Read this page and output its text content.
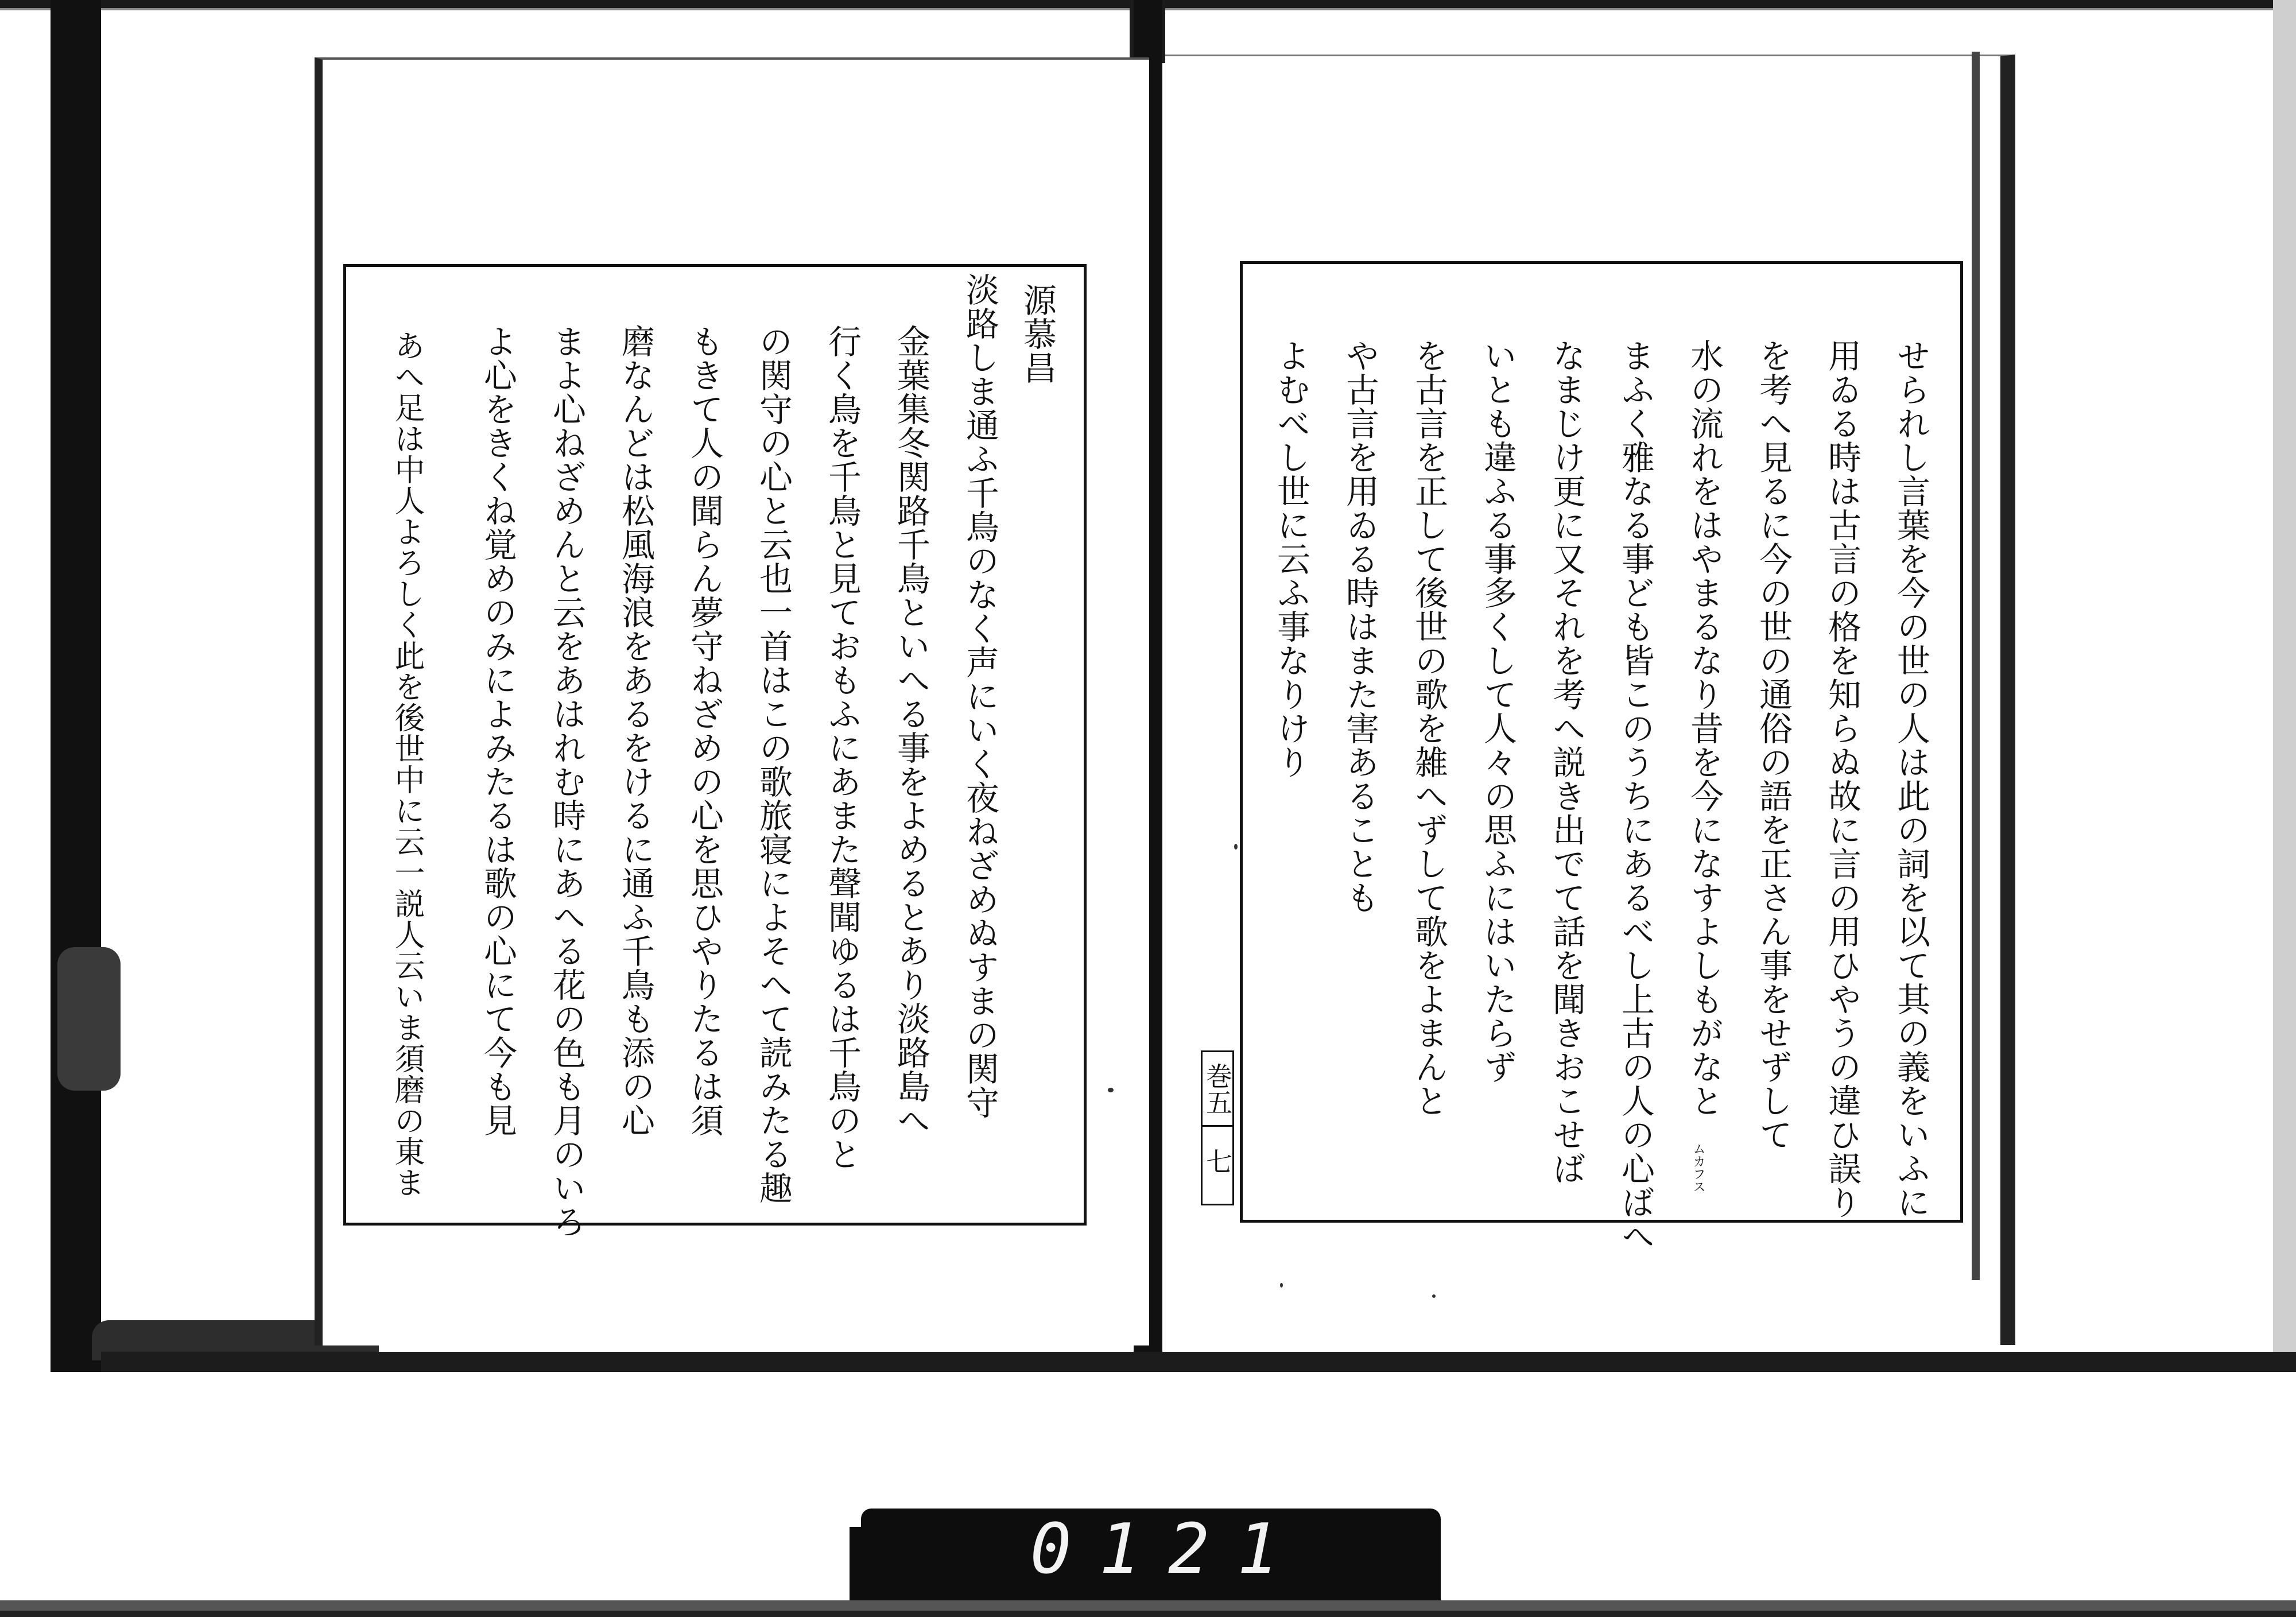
源慕昌
淡路しま通ふ千鳥のなく声にいく夜ねざめぬすまの関守
金葉集冬関路千鳥といへる事をよめるとあり淡路島へ
行く鳥を千鳥と見ておもふにあまた聲聞ゆるは千鳥のと
の関守の心と云也一首はこの歌旅寝によそへて読みたる趣
もきて人の聞らん夢守ねざめの心を思ひやりたるは須
磨なんどは松風海浪をあるをけるに通ふ千鳥も添の心
まよ心ねざめんと云をあはれむ時にあへる花の色も月のいろ
よ心をきくね覚めのみによみたるは歌の心にて今も見
あへ足は中人よろしく此を後世中に云一説人云いま須磨の東ま	せられし言葉を今の世の人は此の詞を以て其の義をいふに
用ゐる時は古言の格を知らぬ故に言の用ひやうの違ひ誤り
を考へ見るに今の世の通俗の語を正さん事をせずして
水の流れをはやまるなり昔を今になすよしもがなと
まふく雅なる事ども皆このうちにあるべし上古の人の心ばへ
なまじけ更に又それを考へ説き出でて話を聞きおこせば
いとも違ふる事多くして人々の思ふにはいたらず
を古言を正して後世の歌を雑へずして歌をよまんと
や古言を用ゐる時はまた害あることも
よむべし世に云ふ事なりけり
ムカフス
巻五
七
0121
